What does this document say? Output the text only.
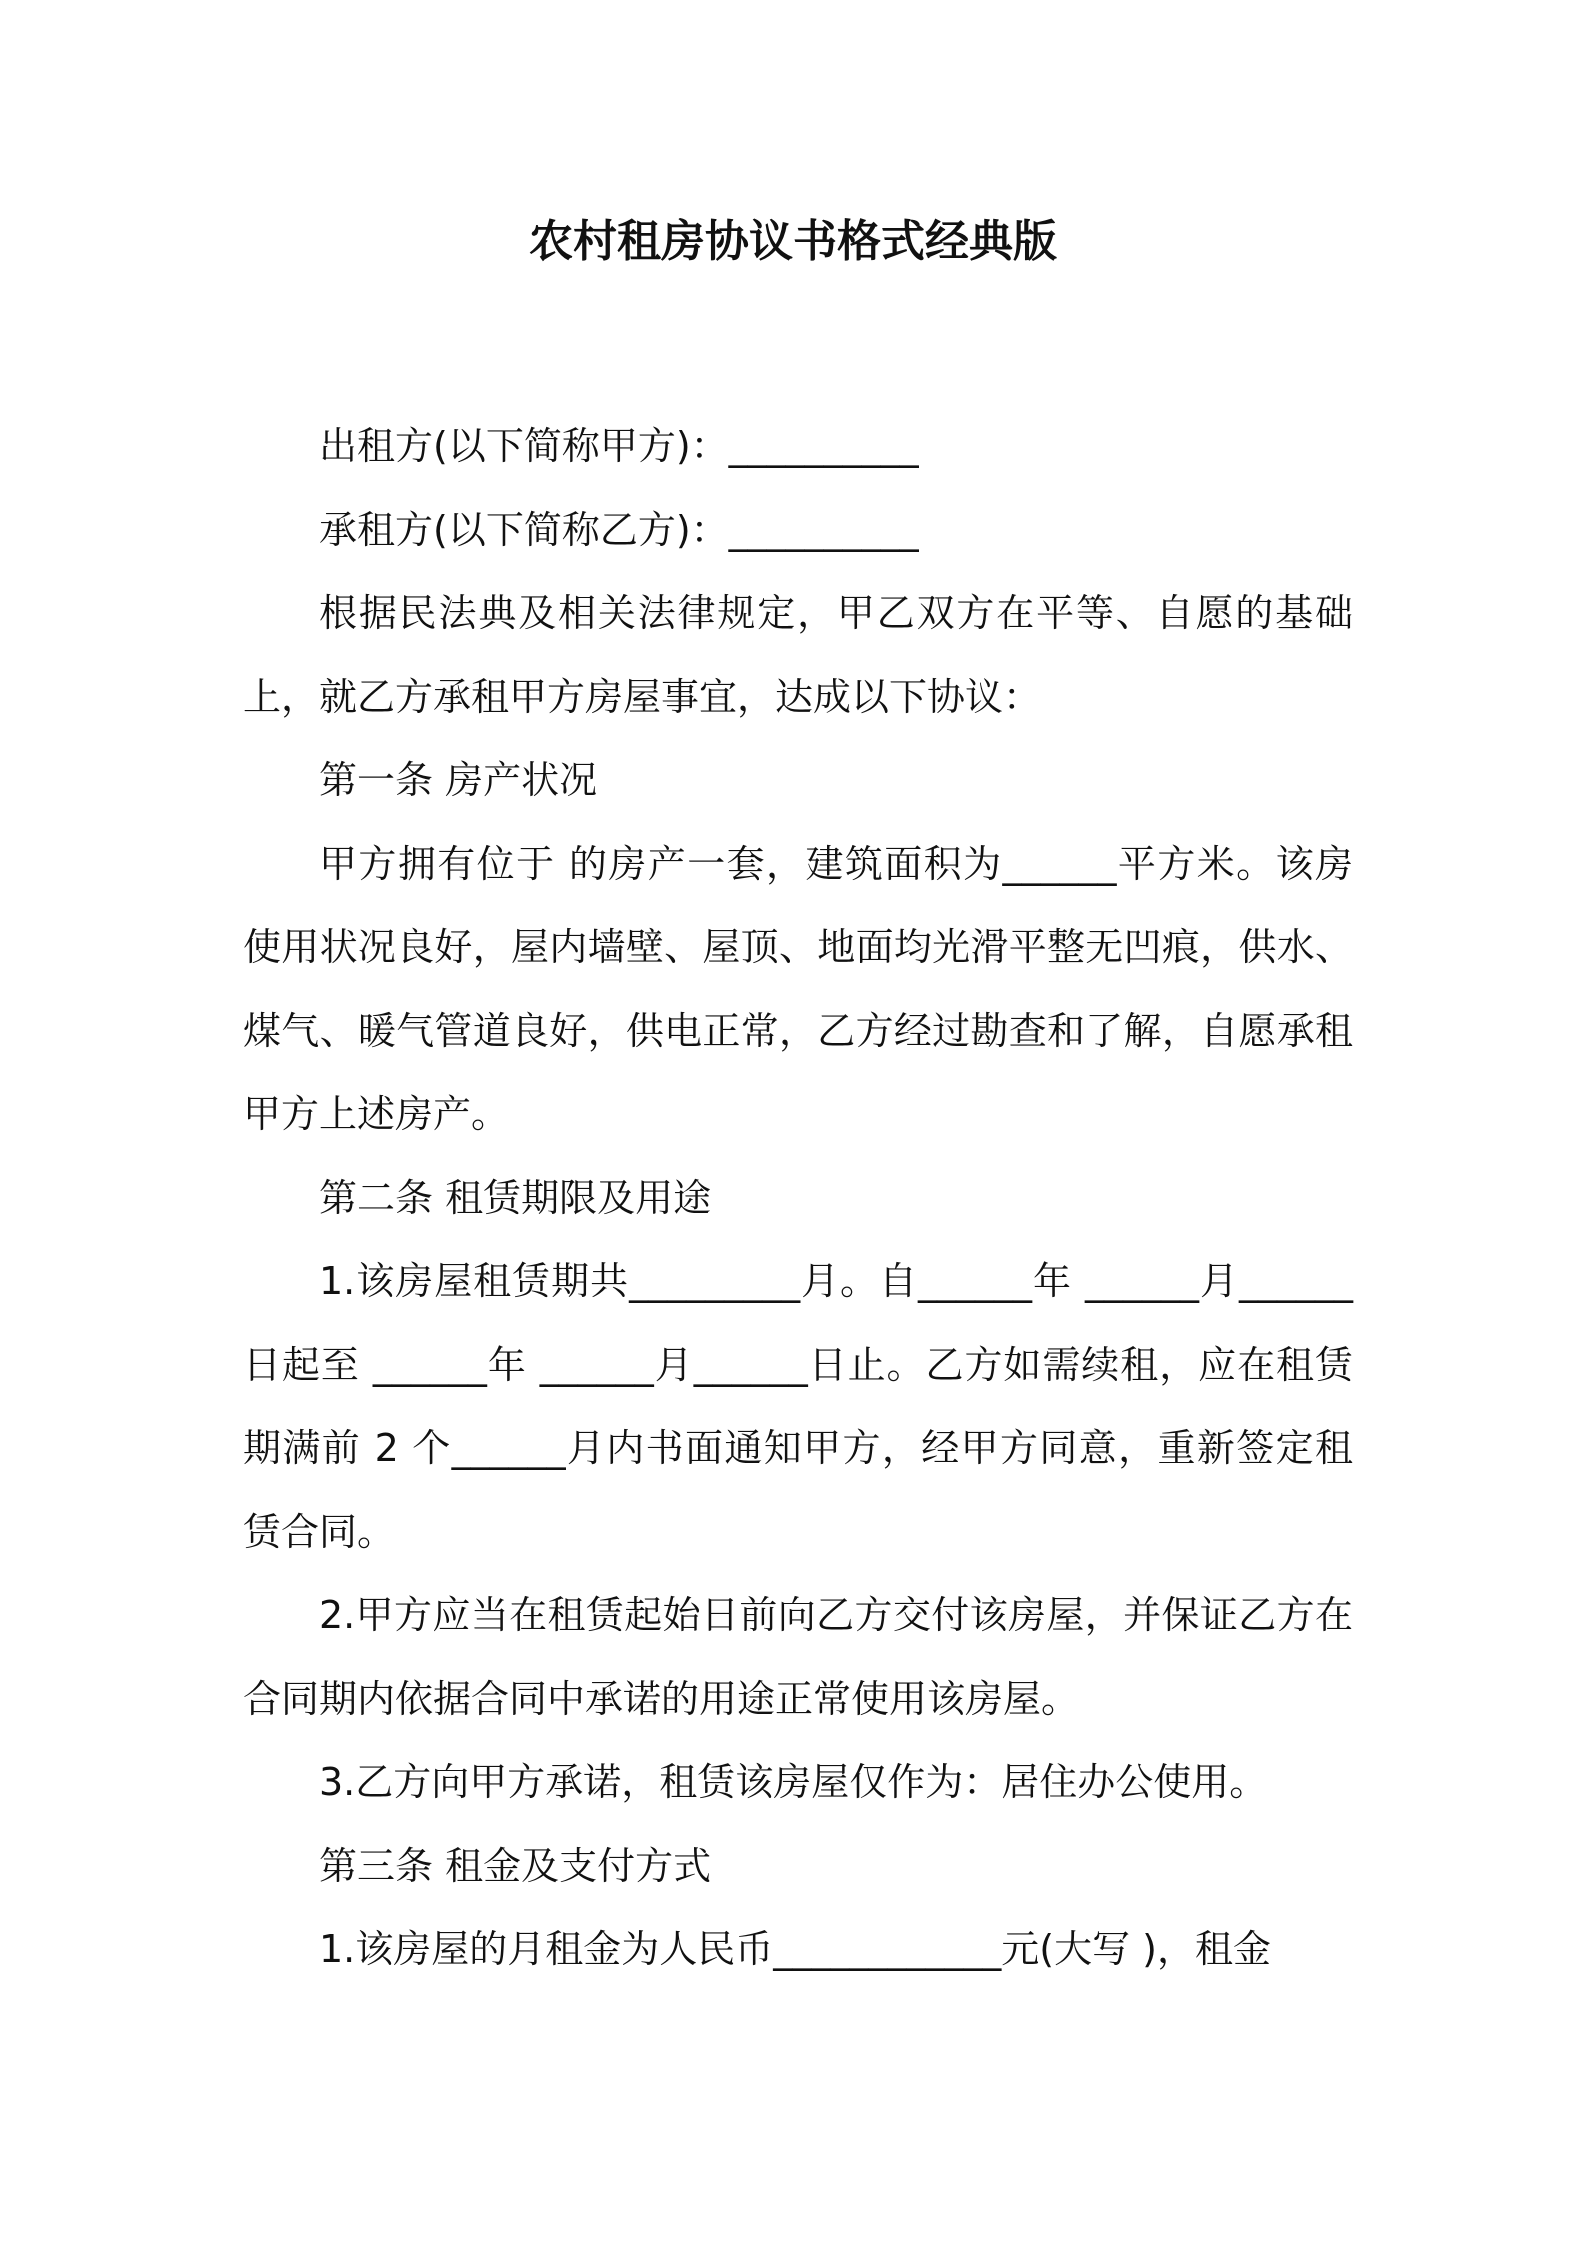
农村租房协议书格式经典版

出租方(以下简称甲方)：__________

承租方(以下简称乙方)：__________

根据民法典及相关法律规定，甲乙双方在平等、自愿的基础上，就乙方承租甲方房屋事宜，达成以下协议：

第一条 房产状况

甲方拥有位于 的房产一套，建筑面积为______平方米。该房使用状况良好，屋内墙壁、屋顶、地面均光滑平整无凹痕，供水、煤气、暖气管道良好，供电正常，乙方经过勘查和了解，自愿承租甲方上述房产。

第二条 租赁期限及用途

1.该房屋租赁期共_________月。自______年 ______月______日起至 ______年 ______月______日止。乙方如需续租，应在租赁期满前 2 个______月内书面通知甲方，经甲方同意，重新签定租赁合同。

2.甲方应当在租赁起始日前向乙方交付该房屋，并保证乙方在合同期内依据合同中承诺的用途正常使用该房屋。

3.乙方向甲方承诺，租赁该房屋仅作为：居住办公使用。

第三条 租金及支付方式

1.该房屋的月租金为人民币____________元(大写 )，租金
